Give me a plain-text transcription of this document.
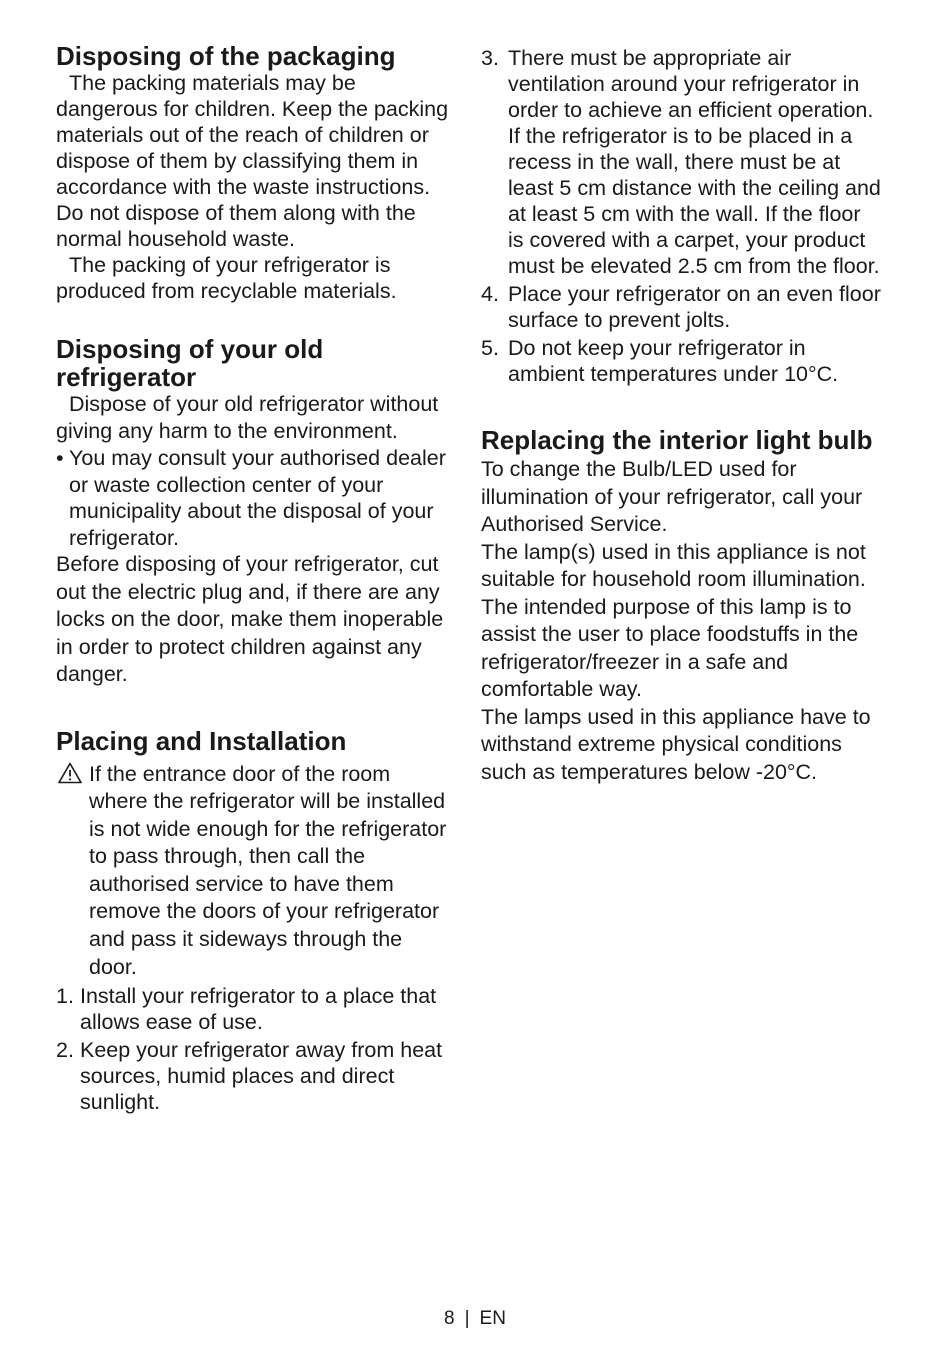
Disposing of the packaging

The packing materials may be dangerous for children. Keep the packing materials out of the reach of children or dispose of them by classifying them in accordance with the waste instructions. Do not dispose of them along with the normal household waste.

The packing of your refrigerator is produced from recyclable materials.

Disposing of your old refrigerator

Dispose of your old refrigerator without giving any harm to the environment.

• You may consult your authorised dealer or waste collection center of your municipality about the disposal of your refrigerator.

Before disposing of your refrigerator, cut out the electric plug and, if there are any locks on the door, make them inoperable in order to protect children against any danger.

Placing and Installation

If the entrance door of the room where the refrigerator will be installed is not wide enough for the refrigerator to pass through, then call the authorised service to have them remove the doors of your refrigerator and pass it sideways through the door.

1. Install your refrigerator to a place that allows ease of use.
2. Keep your refrigerator away from heat sources, humid places and direct sunlight.
3. There must be appropriate air ventilation around your refrigerator in order to achieve an efficient operation. If the refrigerator is to be placed in a recess in the wall, there must be at least 5 cm distance with the ceiling and at least 5 cm with the wall. If the floor is covered with a carpet, your product must be elevated 2.5 cm from the floor.
4. Place your refrigerator on an even floor surface to prevent jolts.
5. Do not keep your refrigerator in ambient temperatures under 10°C.
Replacing the interior light bulb

To change the Bulb/LED used for illumination of your refrigerator, call your Authorised Service.

The lamp(s) used in this appliance is not suitable for household room illumination. The intended purpose of this lamp is to assist the user to place foodstuffs in the refrigerator/freezer in a safe and comfortable way.

The lamps used in this appliance have to withstand extreme physical conditions such as temperatures below -20°C.

8 | EN
